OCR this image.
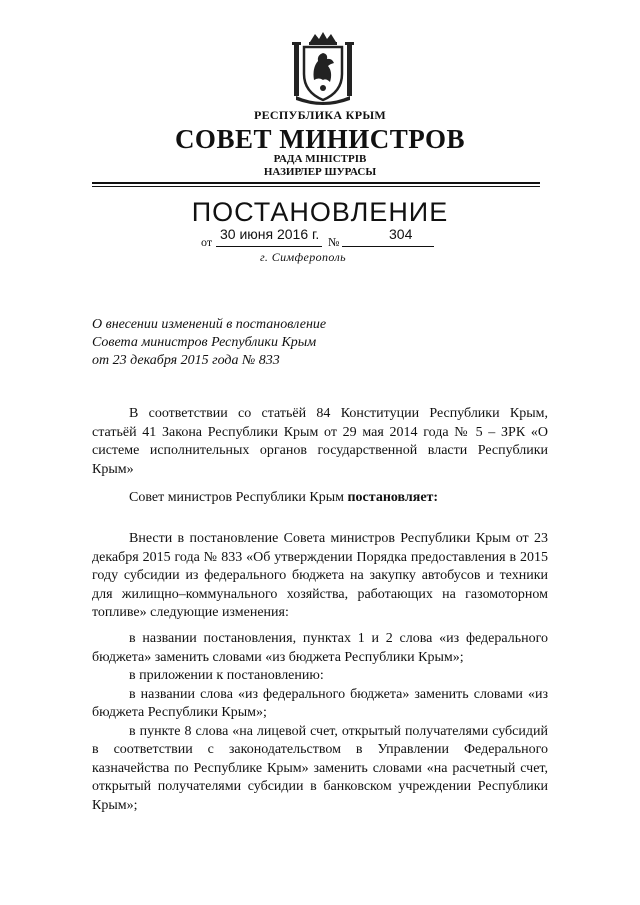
РЕСПУБЛИКА КРЫМ
СОВЕТ МИНИСТРОВ
РАДА МІНІСТРІВ
НАЗИРЛЕР ШУРАСЫ
ПОСТАНОВЛЕНИЕ
30 июня 2016 г.	304
от	№
г. Симферополь
О внесении изменений в постановление
Совета министров Республики Крым
от 23 декабря 2015 года № 833
В соответствии со статьёй 84 Конституции Республики Крым, статьёй 41 Закона Республики Крым от 29 мая 2014 года № 5 – ЗРК «О системе исполнительных органов государственной власти Республики Крым»
Совет министров Республики Крым постановляет:
Внести в постановление Совета министров Республики Крым от 23 декабря 2015 года № 833 «Об утверждении Порядка предоставления в 2015 году субсидии из федерального бюджета на закупку автобусов и техники для жилищно–коммунального хозяйства, работающих на газомоторном топливе» следующие изменения:
в названии постановления, пунктах 1 и 2 слова «из федерального бюджета» заменить словами «из бюджета Республики Крым»;
в приложении к постановлению:
в названии слова «из федерального бюджета» заменить словами «из бюджета Республики Крым»;
в пункте 8 слова «на лицевой счет, открытый получателями субсидий в соответствии с законодательством в Управлении Федерального казначейства по Республике Крым» заменить словами «на расчетный счет, открытый получателями субсидии в банковском учреждении Республики Крым»;
